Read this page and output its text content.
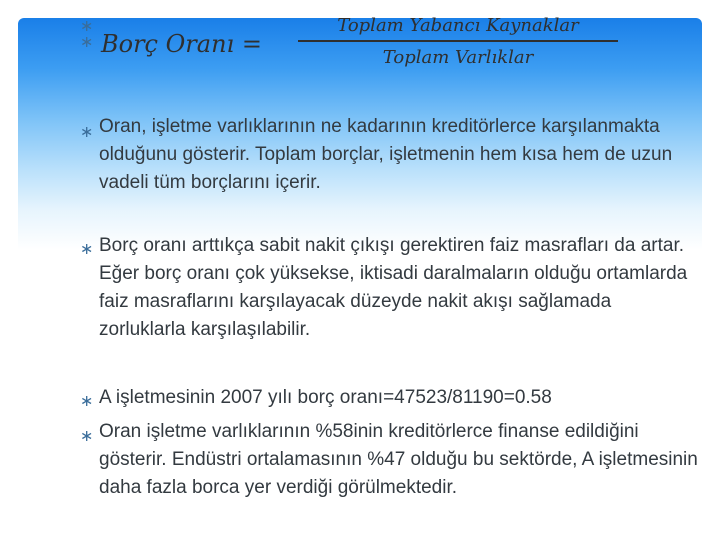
∗
∗ Borç Oranı =
Toplam Yabancı Kaynaklar
Toplam Varlıklar
∗ Oran, işletme varlıklarının ne kadarının kreditörlerce karşılanmakta olduğunu gösterir. Toplam borçlar, işletmenin hem kısa hem de uzun vadeli tüm borçlarını içerir.

∗ Borç oranı arttıkça sabit nakit çıkışı gerektiren faiz masrafları da artar. Eğer borç oranı çok yüksekse, iktisadi daralmaların olduğu ortamlarda faiz masraflarını karşılayacak düzeyde nakit akışı sağlamada zorluklarla karşılaşılabilir.

∗ A işletmesinin 2007 yılı borç oranı=47523/81190=0.58

∗ Oran işletme varlıklarının %58inin kreditörlerce finanse edildiğini gösterir. Endüstri ortalamasının %47 olduğu bu sektörde, A işletmesinin daha fazla borca yer verdiği görülmektedir.
